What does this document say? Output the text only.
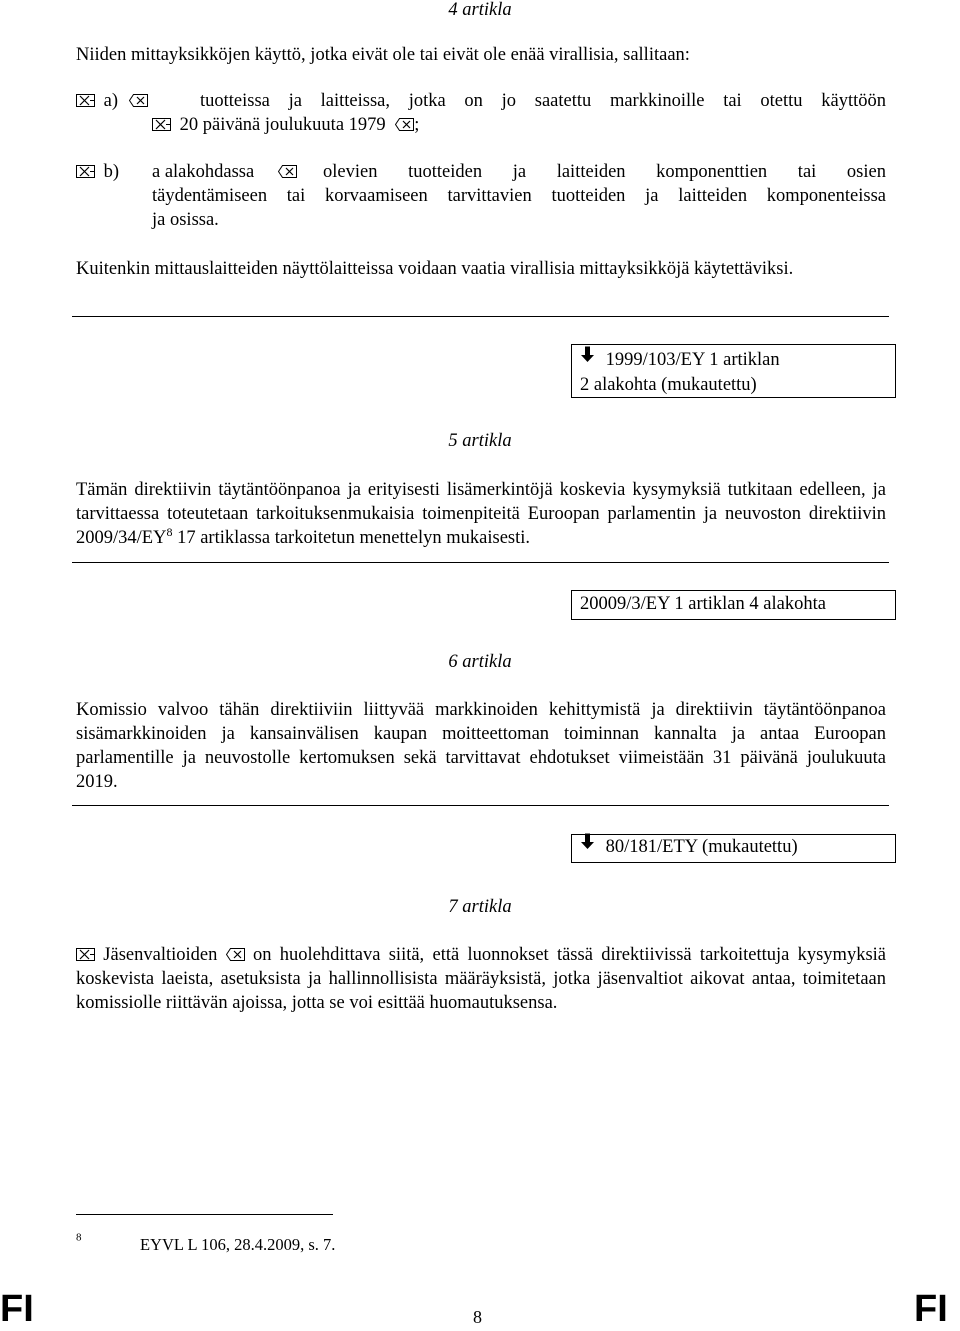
4 artikla
Niiden mittayksikköjen käyttö, jotka eivät ole tai eivät ole enää virallisia, sallitaan:
a)	tuotteissa ja laitteissa, jotka on jo saatettu markkinoille tai otettu käyttöön
20 päivänä joulukuuta 1979 ;
b) a alakohdassa	olevien tuotteiden ja laitteiden komponenttien tai osien
täydentämiseen tai korvaamiseen tarvittavien tuotteiden ja laitteiden komponenteissa
ja osissa.
Kuitenkin mittauslaitteiden näyttölaitteissa voidaan vaatia virallisia mittayksikköjä käytettäviksi.
1999/103/EY 1 artiklan
2 alakohta (mukautettu)
5 artikla
Tämän direktiivin täytäntöönpanoa ja erityisesti lisämerkintöjä koskevia kysymyksiä tutkitaan edelleen, ja tarvittaessa toteutetaan tarkoituksenmukaisia toimenpiteitä Euroopan parlamentin ja neuvoston direktiivin $2009/34/EY^8$ 17 artiklassa tarkoitetun menettelyn mukaisesti.
20009/3/EY 1 artiklan 4 alakohta
6 artikla
Komissio valvoo tähän direktiiviin liittyvää markkinoiden kehittymistä ja direktiivin täytäntöönpanoa sisämarkkinoiden ja kansainvälisen kaupan moitteettoman toiminnan kannalta ja antaa Euroopan parlamentille ja neuvostolle kertomuksen sekä tarvittavat ehdotukset viimeistään 31 päivänä joulukuuta 2019.
80/181/ETY (mukautettu)
7 artikla
Jäsenvaltioiden on huolehdittava siitä, että luonnokset tässä direktiivissä tarkoitettuja kysymyksiä koskevista laeista, asetuksista ja hallinnollisista määräyksistä, jotka jäsenvaltiot aikovat antaa, toimitetaan komissiolle riittävän ajoissa, jotta se voi esittää huomautuksensa.
$^8$	EYVL L 106, 28.4.2009, s. 7.
FI	8	FI
